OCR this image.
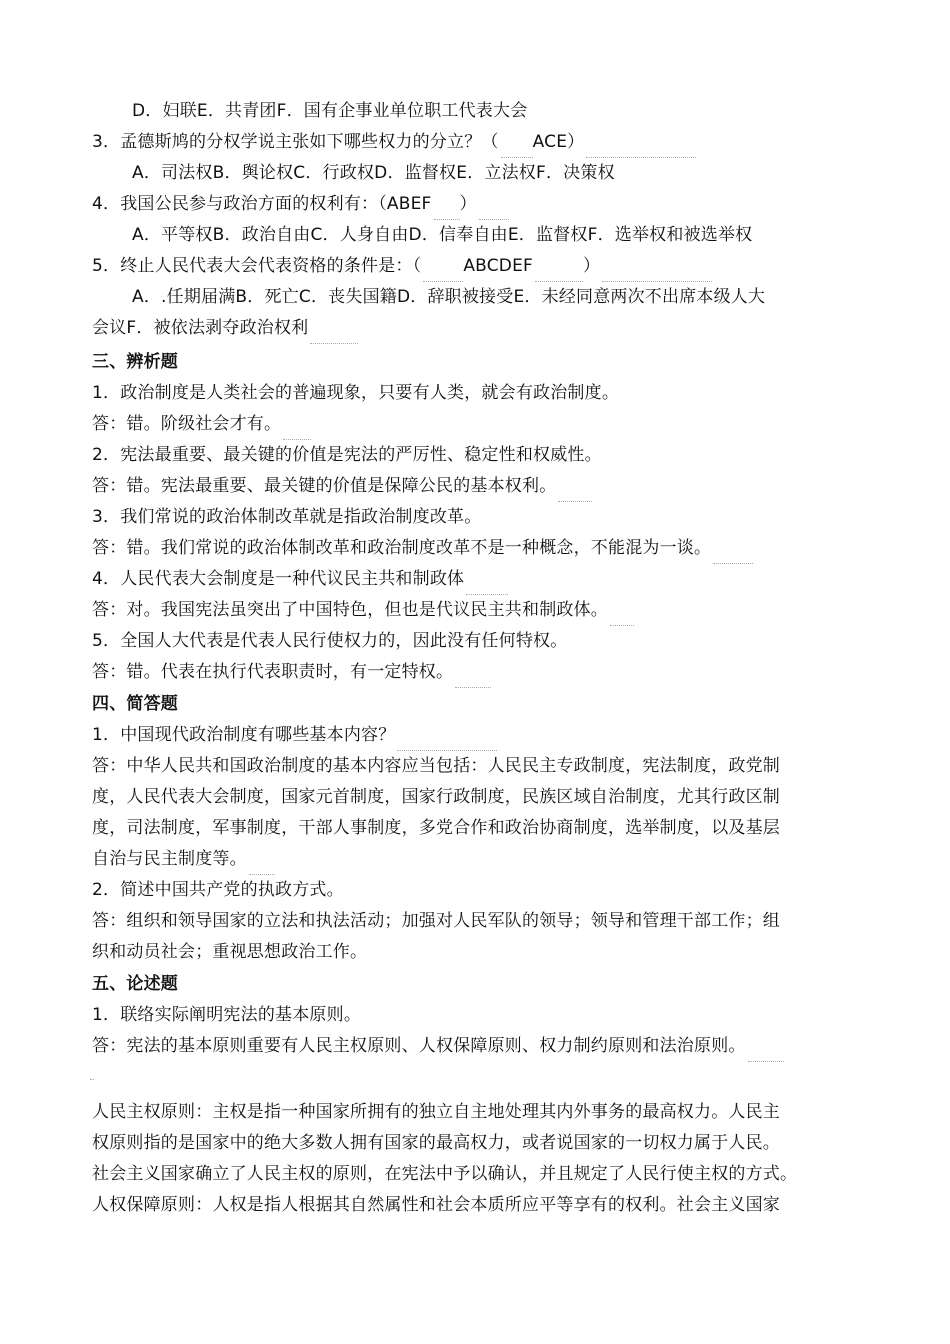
D．妇联E．共青团F．国有企事业单位职工代表大会
3．孟德斯鸠的分权学说主张如下哪些权力的分立？（ ACE）
A．司法权B．舆论权C．行政权D．监督权E．立法权F．决策权
4．我国公民参与政治方面的权利有：（ABEF ）
A．平等权B．政治自由C．人身自由D．信奉自由E．监督权F．选举权和被选举权
5．终止人民代表大会代表资格的条件是：（ ABCDEF	）
A．.任期届满B．死亡C．丧失国籍D．辞职被接受E．未经同意两次不出席本级人大
会议F．被依法剥夺政治权利
三、辨析题
1．政治制度是人类社会的普遍现象，只要有人类，就会有政治制度。
答：错。阶级社会才有。
2．宪法最重要、最关键的价值是宪法的严厉性、稳定性和权威性。
答：错。宪法最重要、最关键的价值是保障公民的基本权利。
3．我们常说的政治体制改革就是指政治制度改革。
答：错。我们常说的政治体制改革和政治制度改革不是一种概念，不能混为一谈。
4．人民代表大会制度是一种代议民主共和制政体
答：对。我国宪法虽突出了中国特色，但也是代议民主共和制政体。
5．全国人大代表是代表人民行使权力的，因此没有任何特权。
答：错。代表在执行代表职责时，有一定特权。
四、简答题
1．中国现代政治制度有哪些基本内容？
答：中华人民共和国政治制度的基本内容应当包括：人民民主专政制度，宪法制度，政党制
度，人民代表大会制度，国家元首制度，国家行政制度，民族区域自治制度，尤其行政区制
度，司法制度，军事制度，干部人事制度，多党合作和政治协商制度，选举制度，以及基层
自治与民主制度等。
2．简述中国共产党的执政方式。
答：组织和领导国家的立法和执法活动；加强对人民军队的领导；领导和管理干部工作；组
织和动员社会；重视思想政治工作。
五、论述题
1．联络实际阐明宪法的基本原则。
答：宪法的基本原则重要有人民主权原则、人权保障原则、权力制约原则和法治原则。
人民主权原则：主权是指一种国家所拥有的独立自主地处理其内外事务的最高权力。人民主
权原则指的是国家中的绝大多数人拥有国家的最高权力，或者说国家的一切权力属于人民。
社会主义国家确立了人民主权的原则，在宪法中予以确认，并且规定了人民行使主权的方式。
人权保障原则：人权是指人根据其自然属性和社会本质所应平等享有的权利。社会主义国家
